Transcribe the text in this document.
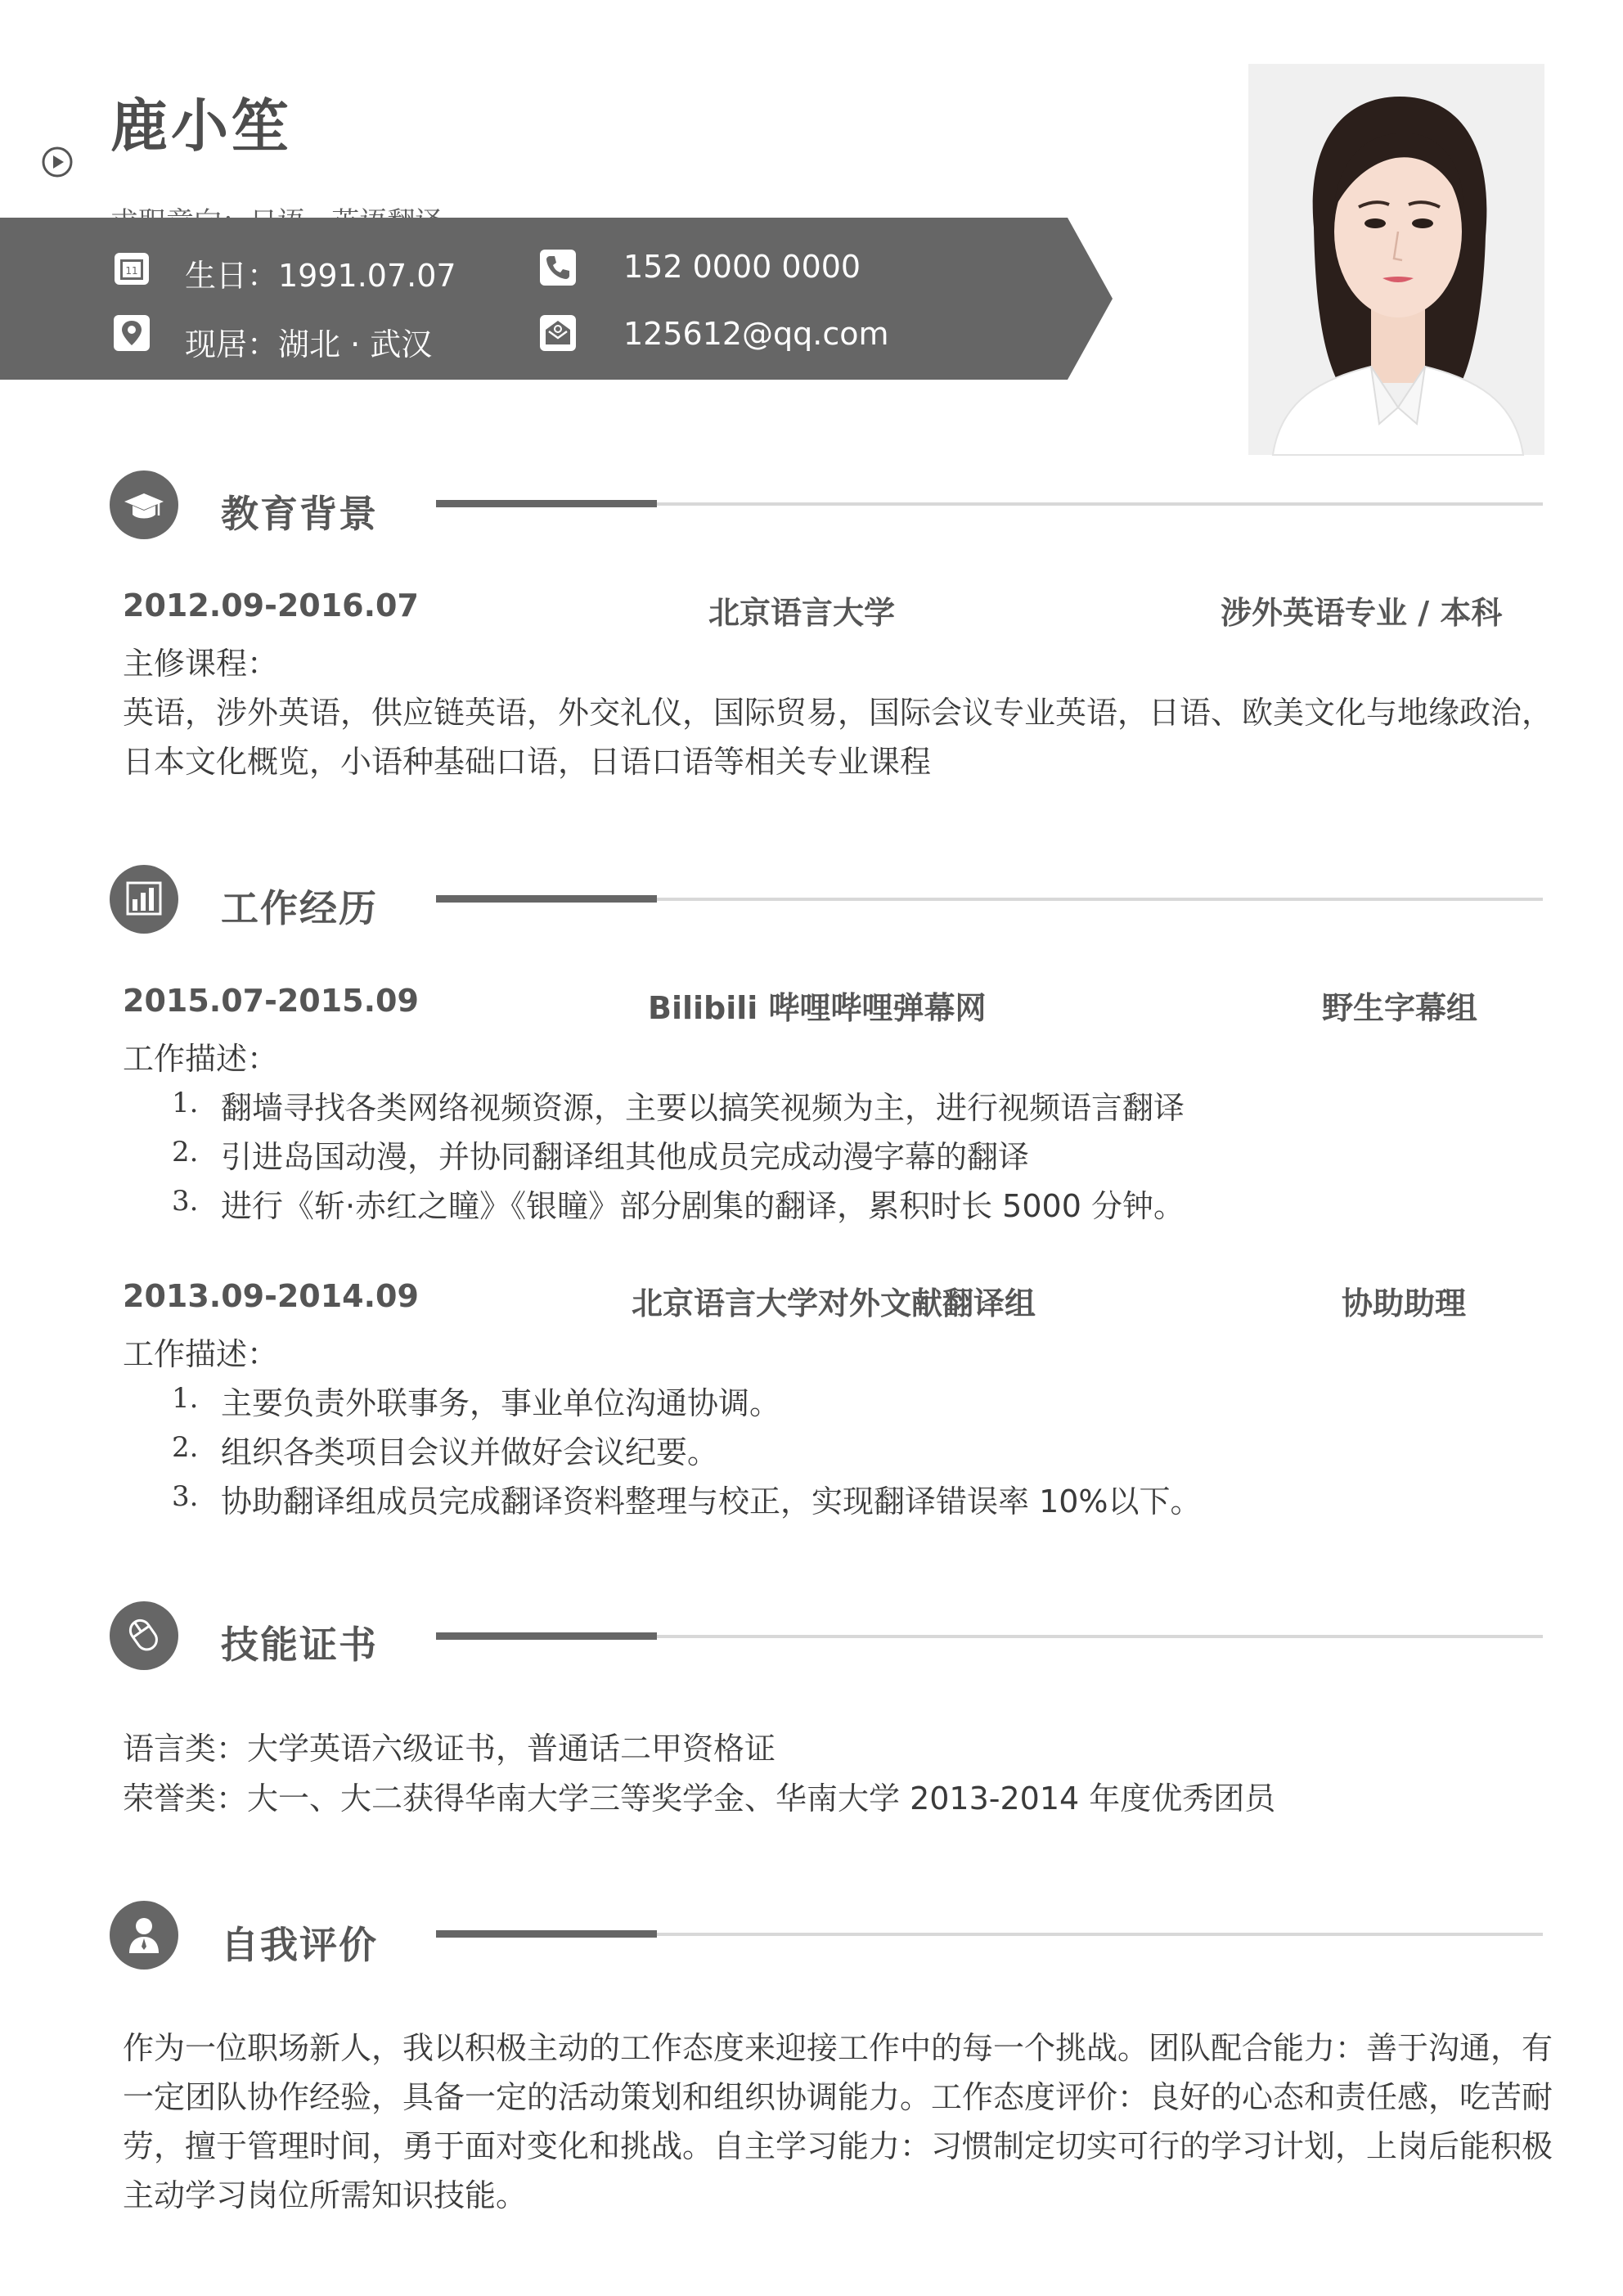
鹿小笙
11 生日：1991.07.07
现居：湖北 · 武汉
152 0000 0000
125612@qq.com
教育背景
2012.09-2016.07	北京语言大学	涉外英语专业 / 本科
主修课程：
英语，涉外英语，供应链英语，外交礼仪，国际贸易，国际会议专业英语，日语、欧美文化与地缘政治，
日本文化概览，小语种基础口语，日语口语等相关专业课程
工作经历
2015.07-2015.09	Bilibili 哔哩哔哩弹幕网	野生字幕组
工作描述：
1. 翻墙寻找各类网络视频资源，主要以搞笑视频为主，进行视频语言翻译
2. 引进岛国动漫，并协同翻译组其他成员完成动漫字幕的翻译
3. 进行《斩·赤红之瞳》《银瞳》部分剧集的翻译，累积时长 5000 分钟。
2013.09-2014.09	北京语言大学对外文献翻译组	协助助理
工作描述：
1. 主要负责外联事务，事业单位沟通协调。
2. 组织各类项目会议并做好会议纪要。
3. 协助翻译组成员完成翻译资料整理与校正，实现翻译错误率 10%以下。
技能证书
语言类：大学英语六级证书，普通话二甲资格证
荣誉类：大一、大二获得华南大学三等奖学金、华南大学 2013-2014 年度优秀团员
自我评价
作为一位职场新人，我以积极主动的工作态度来迎接工作中的每一个挑战。团队配合能力：善于沟通，有
一定团队协作经验，具备一定的活动策划和组织协调能力。工作态度评价：良好的心态和责任感，吃苦耐
劳，擅于管理时间，勇于面对变化和挑战。自主学习能力：习惯制定切实可行的学习计划，上岗后能积极
主动学习岗位所需知识技能。
